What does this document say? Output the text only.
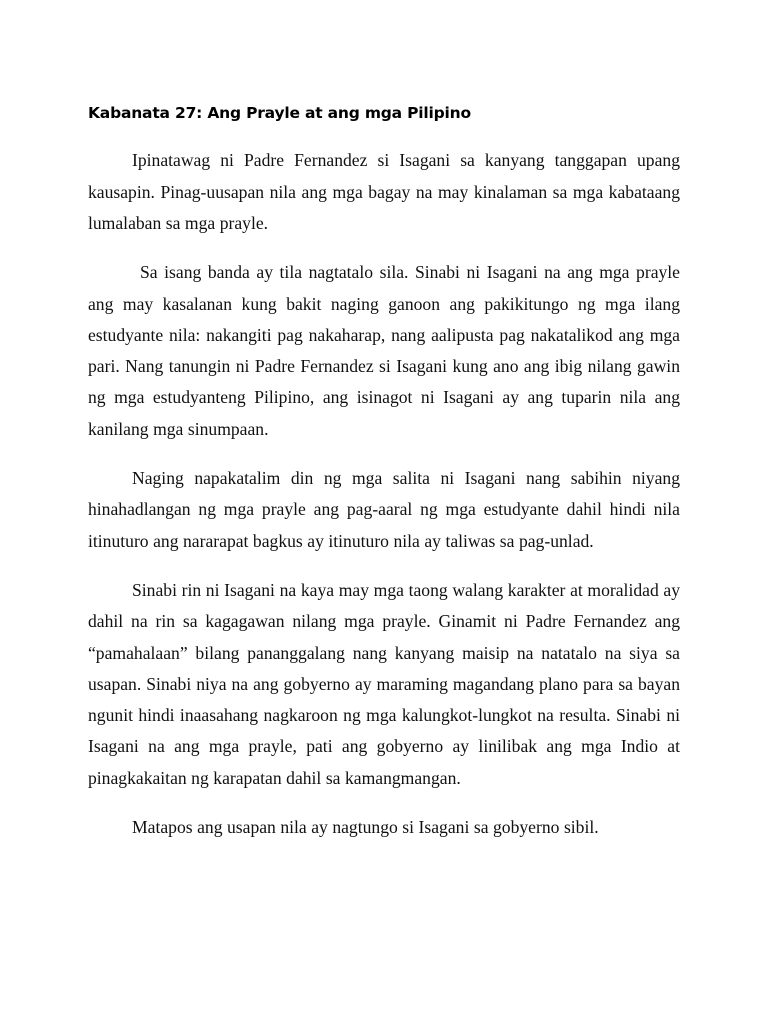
Kabanata 27: Ang Prayle at ang mga Pilipino

Ipinatawag ni Padre Fernandez si Isagani sa kanyang tanggapan upang kausapin. Pinag-uusapan nila ang mga bagay na may kinalaman sa mga kabataang lumalaban sa mga prayle.

Sa isang banda ay tila nagtatalo sila. Sinabi ni Isagani na ang mga prayle ang may kasalanan kung bakit naging ganoon ang pakikitungo ng mga ilang estudyante nila: nakangiti pag nakaharap, nang aalipusta pag nakatalikod ang mga pari. Nang tanungin ni Padre Fernandez si Isagani kung ano ang ibig nilang gawin ng mga estudyanteng Pilipino, ang isinagot ni Isagani ay ang tuparin nila ang kanilang mga sinumpaan.

Naging napakatalim din ng mga salita ni Isagani nang sabihin niyang hinahadlangan ng mga prayle ang pag-aaral ng mga estudyante dahil hindi nila itinuturo ang nararapat bagkus ay itinuturo nila ay taliwas sa pag-unlad.

Sinabi rin ni Isagani na kaya may mga taong walang karakter at moralidad ay dahil na rin sa kagagawan nilang mga prayle. Ginamit ni Padre Fernandez ang “pamahalaan” bilang pananggalang nang kanyang maisip na natatalo na siya sa usapan. Sinabi niya na ang gobyerno ay maraming magandang plano para sa bayan ngunit hindi inaasahang nagkaroon ng mga kalungkot-lungkot na resulta. Sinabi ni Isagani na ang mga prayle, pati ang gobyerno ay linilibak ang mga Indio at pinagkakaitan ng karapatan dahil sa kamangmangan.

Matapos ang usapan nila ay nagtungo si Isagani sa gobyerno sibil.
